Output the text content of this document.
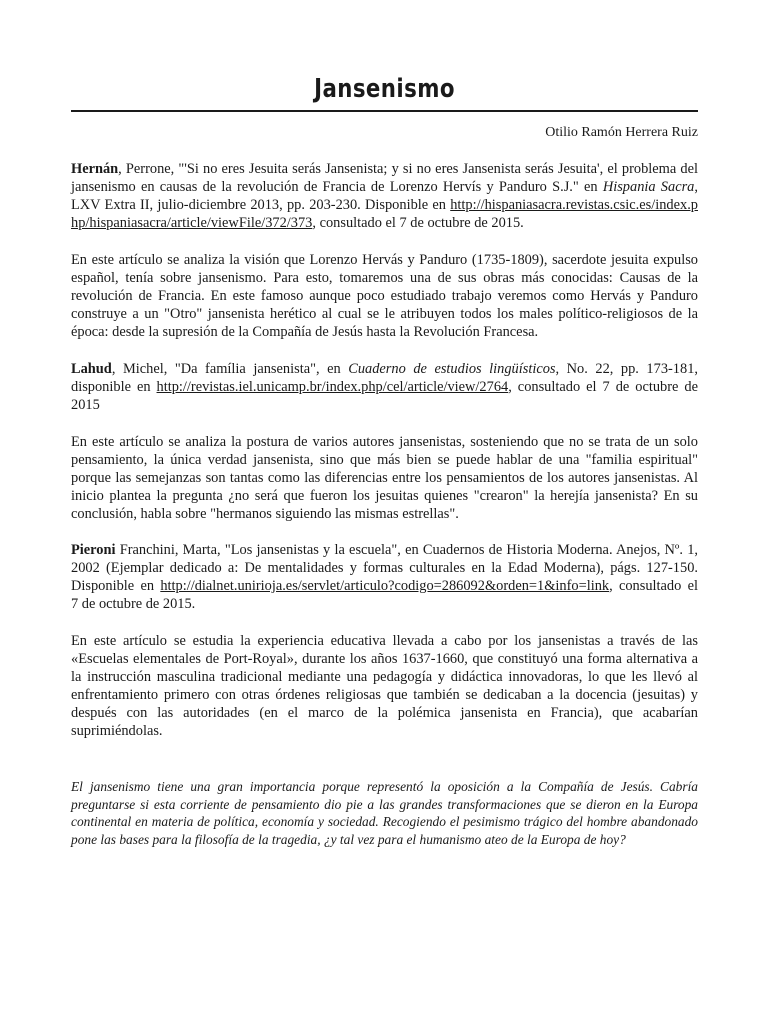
Jansenismo
Otilio Ramón Herrera Ruiz

Hernán, Perrone, "'Si no eres Jesuita serás Jansenista; y si no eres Jansenista serás Jesuita', el problema del jansenismo en causas de la revolución de Francia de Lorenzo Hervís y Panduro S.J." en Hispania Sacra, LXV Extra II, julio-diciembre 2013, pp. 203-230. Disponible en http://hispaniasacra.revistas.csic.es/index.php/hispaniasacra/article/viewFile/372/373, consultado el 7 de octubre de 2015.

En este artículo se analiza la visión que Lorenzo Hervás y Panduro (1735-1809), sacerdote jesuita expulso español, tenía sobre jansenismo. Para esto, tomaremos una de sus obras más conocidas: Causas de la revolución de Francia. En este famoso aunque poco estudiado trabajo veremos como Hervás y Panduro construye a un "Otro" jansenista herético al cual se le atribuyen todos los males político-religiosos de la época: desde la supresión de la Compañía de Jesús hasta la Revolución Francesa.

Lahud, Michel, "Da família jansenista", en Cuaderno de estudios lingüísticos, No. 22, pp. 173-181, disponible en http://revistas.iel.unicamp.br/index.php/cel/article/view/2764, consultado el 7 de octubre de 2015

En este artículo se analiza la postura de varios autores jansenistas, sosteniendo que no se trata de un solo pensamiento, la única verdad jansenista, sino que más bien se puede hablar de una "familia espiritual" porque las semejanzas son tantas como las diferencias entre los pensamientos de los autores jansenistas. Al inicio plantea la pregunta ¿no será que fueron los jesuitas quienes "crearon" la herejía jansenista? En su conclusión, habla sobre "hermanos siguiendo las mismas estrellas".

Pieroni Franchini, Marta, "Los jansenistas y la escuela", en Cuadernos de Historia Moderna. Anejos, Nº. 1, 2002 (Ejemplar dedicado a: De mentalidades y formas culturales en la Edad Moderna), págs. 127-150. Disponible en http://dialnet.unirioja.es/servlet/articulo?codigo=286092&orden=1&info=link, consultado el 7 de octubre de 2015.

En este artículo se estudia la experiencia educativa llevada a cabo por los jansenistas a través de las «Escuelas elementales de Port-Royal», durante los años 1637-1660, que constituyó una forma alternativa a la instrucción masculina tradicional mediante una pedagogía y didáctica innovadoras, lo que les llevó al enfrentamiento primero con otras órdenes religiosas que también se dedicaban a la docencia (jesuitas) y después con las autoridades (en el marco de la polémica jansenista en Francia), que acabarían suprimiéndolas.

El jansenismo tiene una gran importancia porque representó la oposición a la Compañía de Jesús. Cabría preguntarse si esta corriente de pensamiento dio pie a las grandes transformaciones que se dieron en la Europa continental en materia de política, economía y sociedad. Recogiendo el pesimismo trágico del hombre abandonado pone las bases para la filosofía de la tragedia, ¿y tal vez para el humanismo ateo de la Europa de hoy?
